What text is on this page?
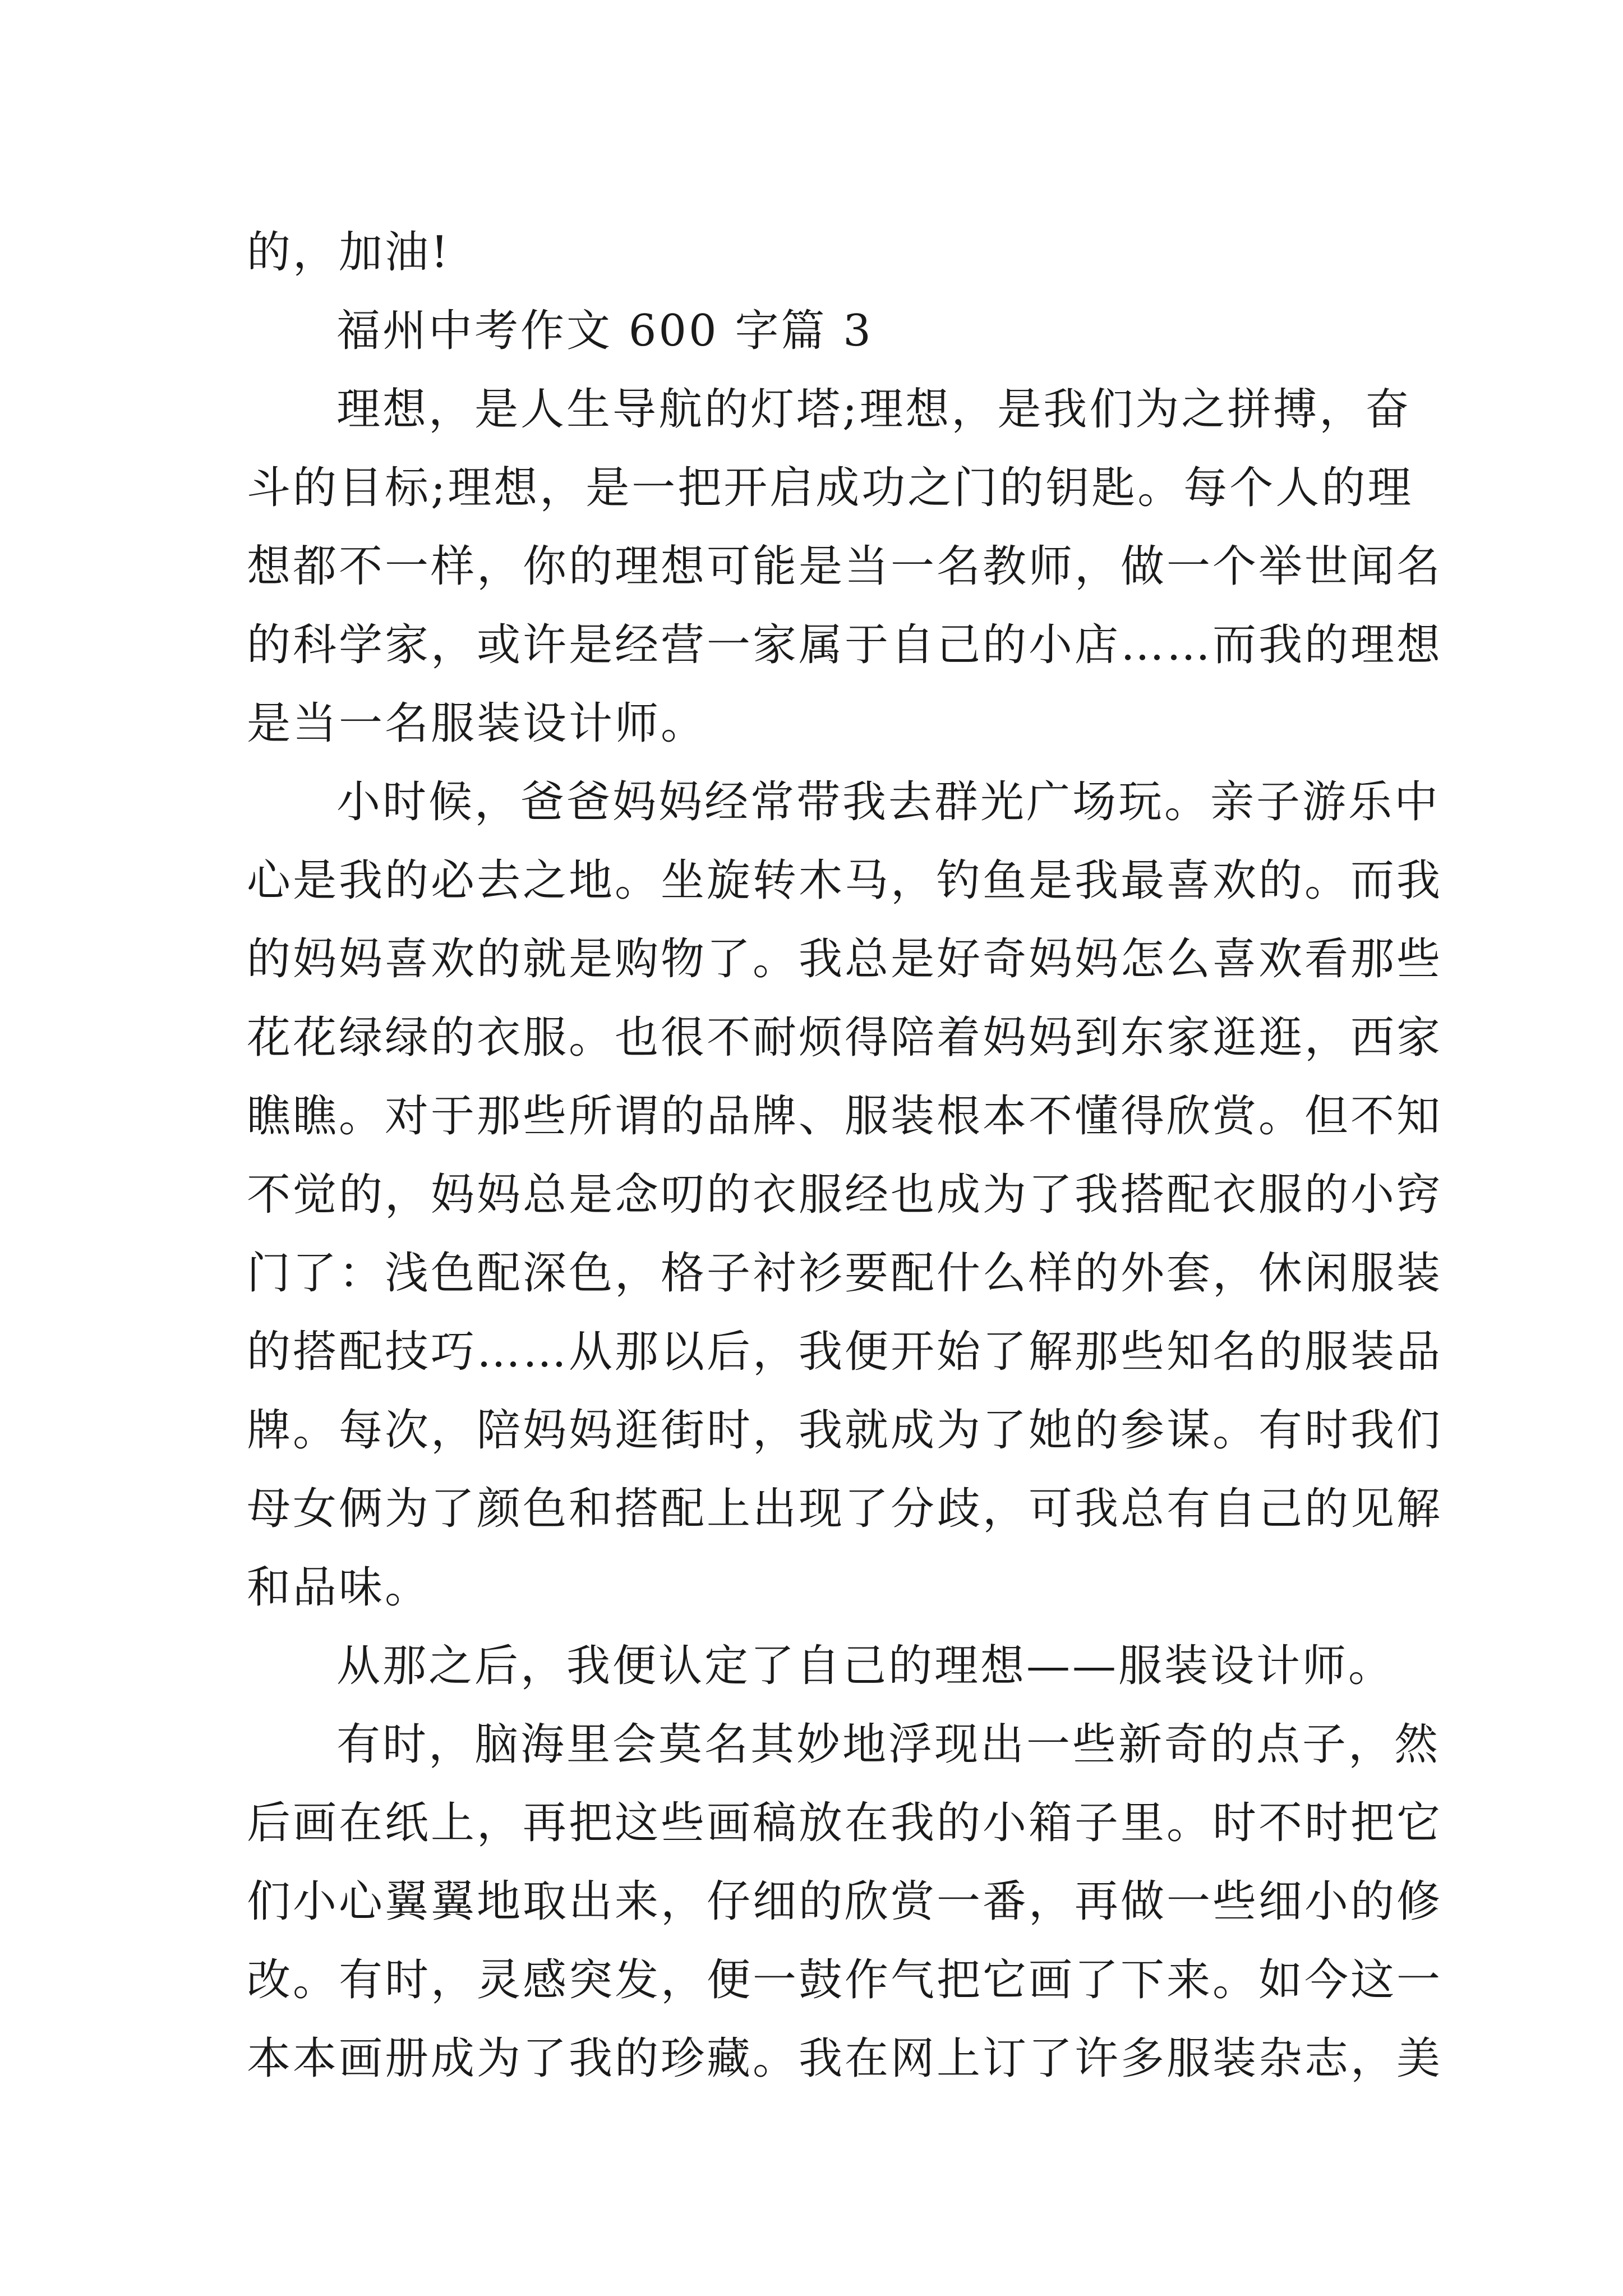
的，加油!
福州中考作文 600 字篇 3
理想，是人生导航的灯塔;理想，是我们为之拼搏，奋
斗的目标;理想，是一把开启成功之门的钥匙。每个人的理
想都不一样，你的理想可能是当一名教师，做一个举世闻名
的科学家，或许是经营一家属于自己的小店……而我的理想
是当一名服装设计师。
小时候，爸爸妈妈经常带我去群光广场玩。亲子游乐中
心是我的必去之地。坐旋转木马，钓鱼是我最喜欢的。而我
的妈妈喜欢的就是购物了。我总是好奇妈妈怎么喜欢看那些
花花绿绿的衣服。也很不耐烦得陪着妈妈到东家逛逛，西家
瞧瞧。对于那些所谓的品牌、服装根本不懂得欣赏。但不知
不觉的，妈妈总是念叨的衣服经也成为了我搭配衣服的小窍
门了：浅色配深色，格子衬衫要配什么样的外套，休闲服装
的搭配技巧……从那以后，我便开始了解那些知名的服装品
牌。每次，陪妈妈逛街时，我就成为了她的参谋。有时我们
母女俩为了颜色和搭配上出现了分歧，可我总有自己的见解
和品味。
从那之后，我便认定了自己的理想——服装设计师。
有时，脑海里会莫名其妙地浮现出一些新奇的点子，然
后画在纸上，再把这些画稿放在我的小箱子里。时不时把它
们小心翼翼地取出来，仔细的欣赏一番，再做一些细小的修
改。有时，灵感突发，便一鼓作气把它画了下来。如今这一
本本画册成为了我的珍藏。我在网上订了许多服装杂志，美
